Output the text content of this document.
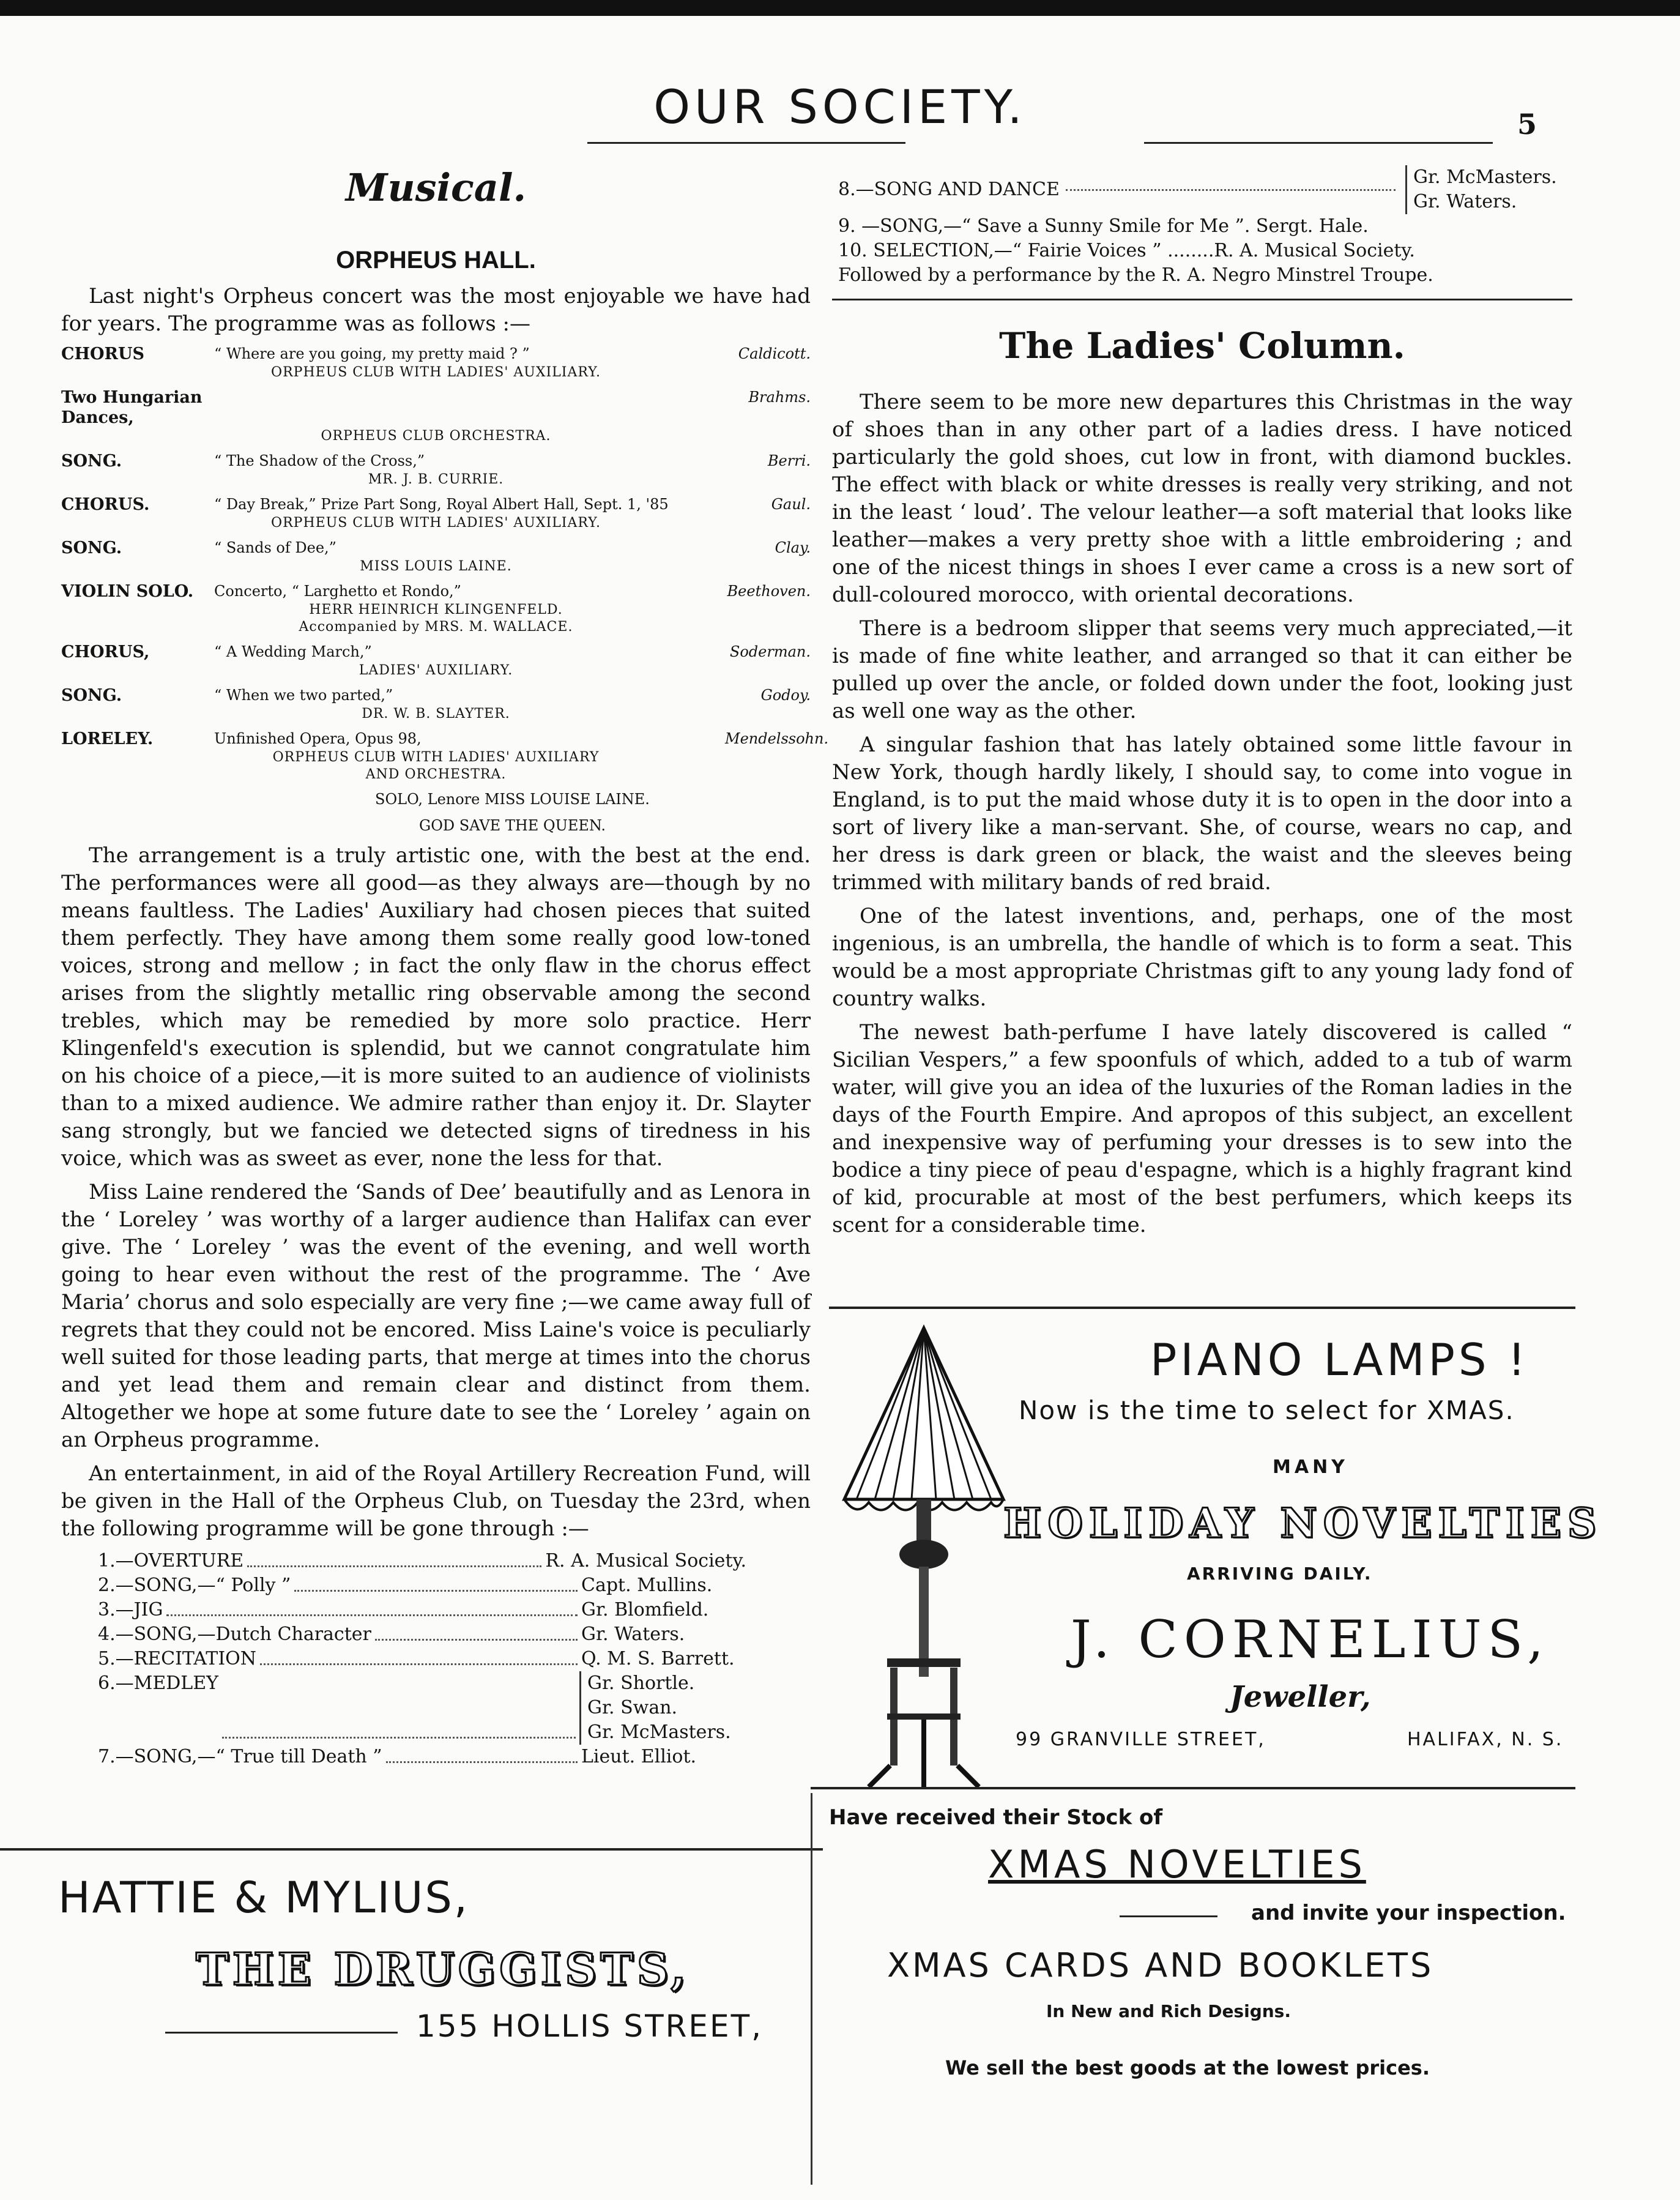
OUR SOCIETY.	5
Musical.
ORPHEUS HALL.

Last night's Orpheus concert was the most enjoyable we have had for years. The programme was as follows :—

CHORUS	“ Where are you going, my pretty maid ? ”	Caldicott.
ORPHEUS CLUB WITH LADIES' AUXILIARY.
Two Hungarian Dances,
Brahms.
ORPHEUS CLUB ORCHESTRA.
SONG.	“ The Shadow of the Cross,”	Berri.
MR. J. B. CURRIE.
CHORUS.	“ Day Break,” Prize Part Song, Royal Albert Hall, Sept. 1, '85	Gaul.
ORPHEUS CLUB WITH LADIES' AUXILIARY.
SONG.	“ Sands of Dee,”	Clay.
MISS LOUIS LAINE.
VIOLIN SOLO.	Concerto, “ Larghetto et Rondo,”	Beethoven.
HERR HEINRICH KLINGENFELD.
Accompanied by MRS. M. WALLACE.
CHORUS,	“ A Wedding March,”	Soderman.
LADIES' AUXILIARY.
SONG.	“ When we two parted,”	Godoy.
DR. W. B. SLAYTER.
LORELEY.	Unfinished Opera, Opus 98,	Mendelssohn.
ORPHEUS CLUB WITH LADIES' AUXILIARY
AND ORCHESTRA.
SOLO, Lenore MISS LOUISE LAINE.
GOD SAVE THE QUEEN.

The arrangement is a truly artistic one, with the best at the end. The performances were all good—as they always are—though by no means faultless. The Ladies' Auxiliary had chosen pieces that suited them perfectly. They have among them some really good low-toned voices, strong and mellow ; in fact the only flaw in the chorus effect arises from the slightly metallic ring observable among the second trebles, which may be remedied by more solo practice. Herr Klingenfeld's execution is splendid, but we cannot congratulate him on his choice of a piece,—it is more suited to an audience of violinists than to a mixed audience. We admire rather than enjoy it. Dr. Slayter sang strongly, but we fancied we detected signs of tiredness in his voice, which was as sweet as ever, none the less for that.

Miss Laine rendered the ‘Sands of Dee’ beautifully and as Lenora in the ‘ Loreley ’ was worthy of a larger audience than Halifax can ever give. The ‘ Loreley ’ was the event of the evening, and well worth going to hear even without the rest of the programme. The ‘ Ave Maria’ chorus and solo especially are very fine ;—we came away full of regrets that they could not be encored. Miss Laine's voice is peculiarly well suited for those leading parts, that merge at times into the chorus and yet lead them and remain clear and distinct from them. Altogether we hope at some future date to see the ‘ Loreley ’ again on an Orpheus programme.

An entertainment, in aid of the Royal Artillery Recreation Fund, will be given in the Hall of the Orpheus Club, on Tuesday the 23rd, when the following programme will be gone through :—

1.—OVERTURE	R. A. Musical Society.
2.—SONG,—“ Polly ”	Capt. Mullins.
3.—JIG	Gr. Blomfield.
4.—SONG,—Dutch Character	Gr. Waters.
5.—RECITATION	Q. M. S. Barrett.
6.—MEDLEY	Gr. Shortle.
Gr. Swan.
Gr. McMasters.
7.—SONG,—“ True till Death ”	Lieut. Elliot.
HATTIE & MYLIUS,
THE DRUGGISTS,
155 HOLLIS STREET,
8.—SONG AND DANCE
Gr. McMasters.
Gr. Waters.
9. —SONG,—“ Save a Sunny Smile for Me ”. Sergt. Hale.
10. SELECTION,—“ Fairie Voices ” ........R. A. Musical Society.
Followed by a performance by the R. A. Negro Minstrel Troupe.
The Ladies' Column.

There seem to be more new departures this Christmas in the way of shoes than in any other part of a ladies dress. I have noticed particularly the gold shoes, cut low in front, with diamond buckles. The effect with black or white dresses is really very striking, and not in the least ‘ loud’. The velour leather—a soft material that looks like leather—makes a very pretty shoe with a little embroidering ; and one of the nicest things in shoes I ever came a cross is a new sort of dull-coloured morocco, with oriental decorations.

There is a bedroom slipper that seems very much appreciated,—it is made of fine white leather, and arranged so that it can either be pulled up over the ancle, or folded down under the foot, looking just as well one way as the other.

A singular fashion that has lately obtained some little favour in New York, though hardly likely, I should say, to come into vogue in England, is to put the maid whose duty it is to open in the door into a sort of livery like a man-servant. She, of course, wears no cap, and her dress is dark green or black, the waist and the sleeves being trimmed with military bands of red braid.

One of the latest inventions, and, perhaps, one of the most ingenious, is an umbrella, the handle of which is to form a seat. This would be a most appropriate Christmas gift to any young lady fond of country walks.

The newest bath-perfume I have lately discovered is called “ Sicilian Vespers,” a few spoonfuls of which, added to a tub of warm water, will give you an idea of the luxuries of the Roman ladies in the days of the Fourth Empire. And apropos of this subject, an excellent and inexpensive way of perfuming your dresses is to sew into the bodice a tiny piece of peau d'espagne, which is a highly fragrant kind of kid, procurable at most of the best perfumers, which keeps its scent for a considerable time.

PIANO LAMPS !
Now is the time to select for XMAS.
MANY
HOLIDAY NOVELTIES
ARRIVING DAILY.
J. CORNELIUS,
Jeweller,
99 GRANVILLE STREET,	HALIFAX, N. S.
Have received their Stock of
XMAS NOVELTIES
and invite your inspection.
XMAS CARDS AND BOOKLETS
In New and Rich Designs.
We sell the best goods at the lowest prices.
